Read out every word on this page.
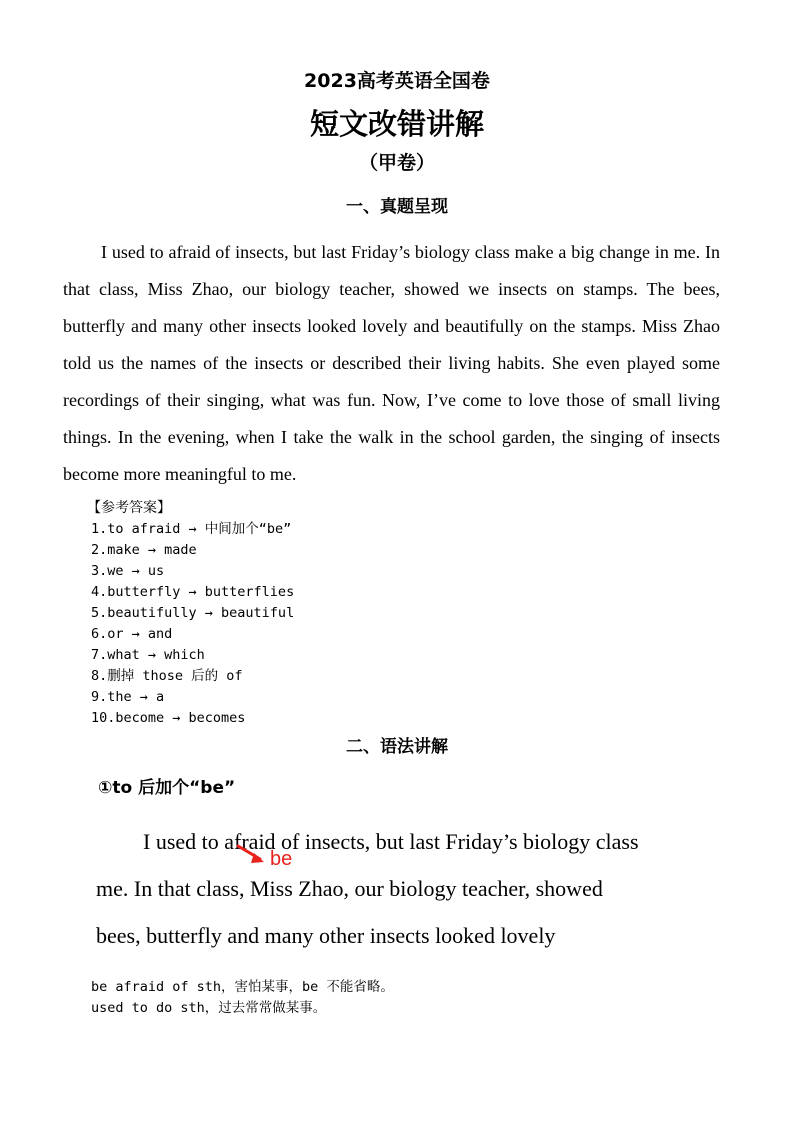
2023高考英语全国卷
短文改错讲解
（甲卷）
一、真题呈现

I used to afraid of insects, but last Friday’s biology class make a big change in me. In that class, Miss Zhao, our biology teacher, showed we insects on stamps. The bees, butterfly and many other insects looked lovely and beautifully on the stamps. Miss Zhao told us the names of the insects or described their living habits. She even played some recordings of their singing, what was fun. Now, I’ve come to love those of small living things. In the evening, when I take the walk in the school garden, the singing of insects become more meaningful to me.

【参考答案】
1.to afraid → 中间加个“be”
2.make → made
3.we → us
4.butterfly → butterflies
5.beautifully → beautiful
6.or → and
7.what → which
8.删掉 those 后的 of
9.the → a
10.become → becomes
二、语法讲解
①to 后加个“be”
I used to afraid of insects, but last Friday’s biology class
me. In that class, Miss Zhao, our biology teacher, showed
bees, butterfly and many other insects looked lovely
be
be afraid of sth，害怕某事，be 不能省略。
used to do sth，过去常常做某事。
